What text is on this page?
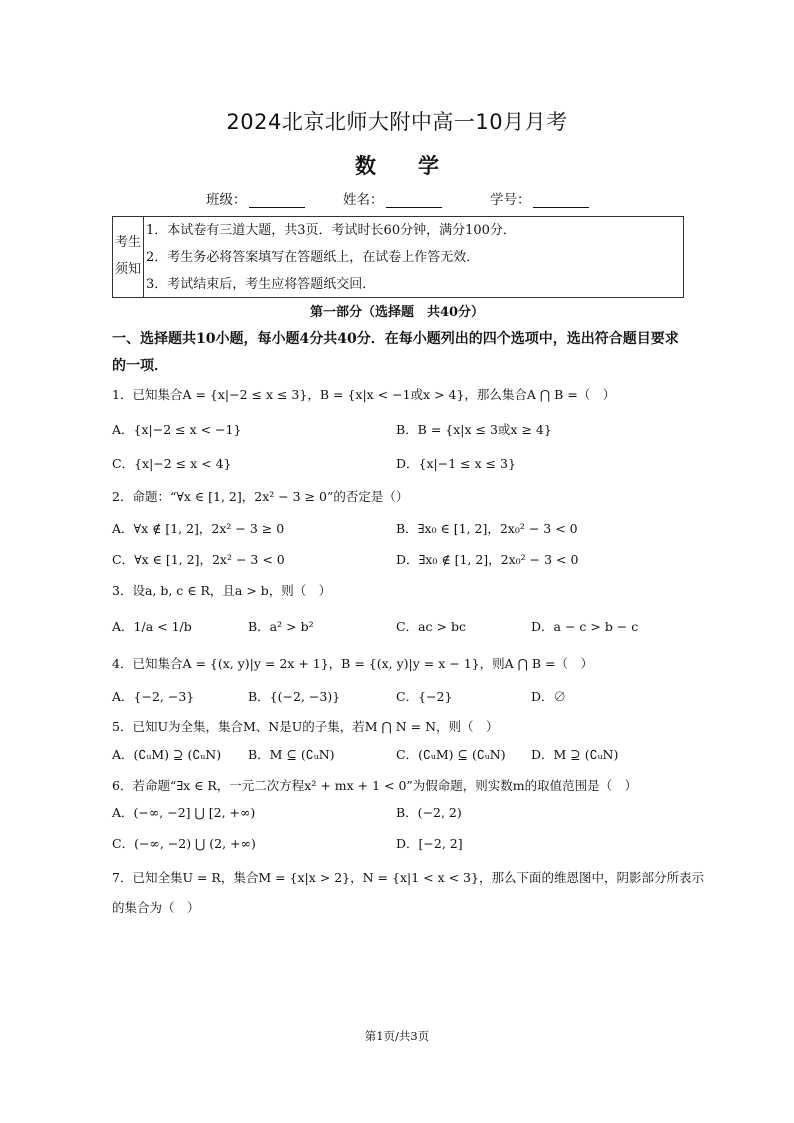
2024北京北师大附中高一10月月考
数　　学
班级：	姓名：	学号：
考生
须知
1．本试卷有三道大题，共3页．考试时长60分钟，满分100分．
2．考生务必将答案填写在答题纸上，在试卷上作答无效．
3．考试结束后，考生应将答题纸交回．
第一部分（选择题　共40分）
一、选择题共10小题，每小题4分共40分．在每小题列出的四个选项中，选出符合题目要求的一项．
1．已知集合A = {x|−2 ≤ x ≤ 3}，B = {x|x < −1或x > 4}，那么集合A ⋂ B =（　）
A．{x|−2 ≤ x < −1}	B．B = {x|x ≤ 3或x ≥ 4}
C．{x|−2 ≤ x < 4}	D．{x|−1 ≤ x ≤ 3}
2．命题：“∀x ∈ [1, 2]，2x² − 3 ≥ 0”的否定是（）
A．∀x ∉ [1, 2]，2x² − 3 ≥ 0	B．∃x₀ ∈ [1, 2]，2x₀² − 3 < 0
C．∀x ∈ [1, 2]，2x² − 3 < 0	D．∃x₀ ∉ [1, 2]，2x₀² − 3 < 0
3．设a, b, c ∈ R，且a > b，则（　）
A．1/a < 1/b	B．a² > b²	C．ac > bc	D．a − c > b − c
4．已知集合A = {(x, y)|y = 2x + 1}，B = {(x, y)|y = x − 1}，则A ⋂ B =（　）
A．{−2, −3}	B．{(−2, −3)}	C．{−2}	D．∅
5．已知U为全集，集合M、N是U的子集，若M ⋂ N = N，则（　）
A．(∁ᵤM) ⊇ (∁ᵤN) B．M ⊆ (∁ᵤN)	C．(∁ᵤM) ⊆ (∁ᵤN) D．M ⊇ (∁ᵤN)
6．若命题“∃x ∈ R，一元二次方程x² + mx + 1 < 0”为假命题，则实数m的取值范围是（　）
A．(−∞, −2] ⋃ [2, +∞)	B．(−2, 2)
C．(−∞, −2) ⋃ (2, +∞)	D．[−2, 2]
7．已知全集U = R，集合M = {x|x > 2}，N = {x|1 < x < 3}，那么下面的维恩图中，阴影部分所表示
的集合为（　）
第1页/共3页
